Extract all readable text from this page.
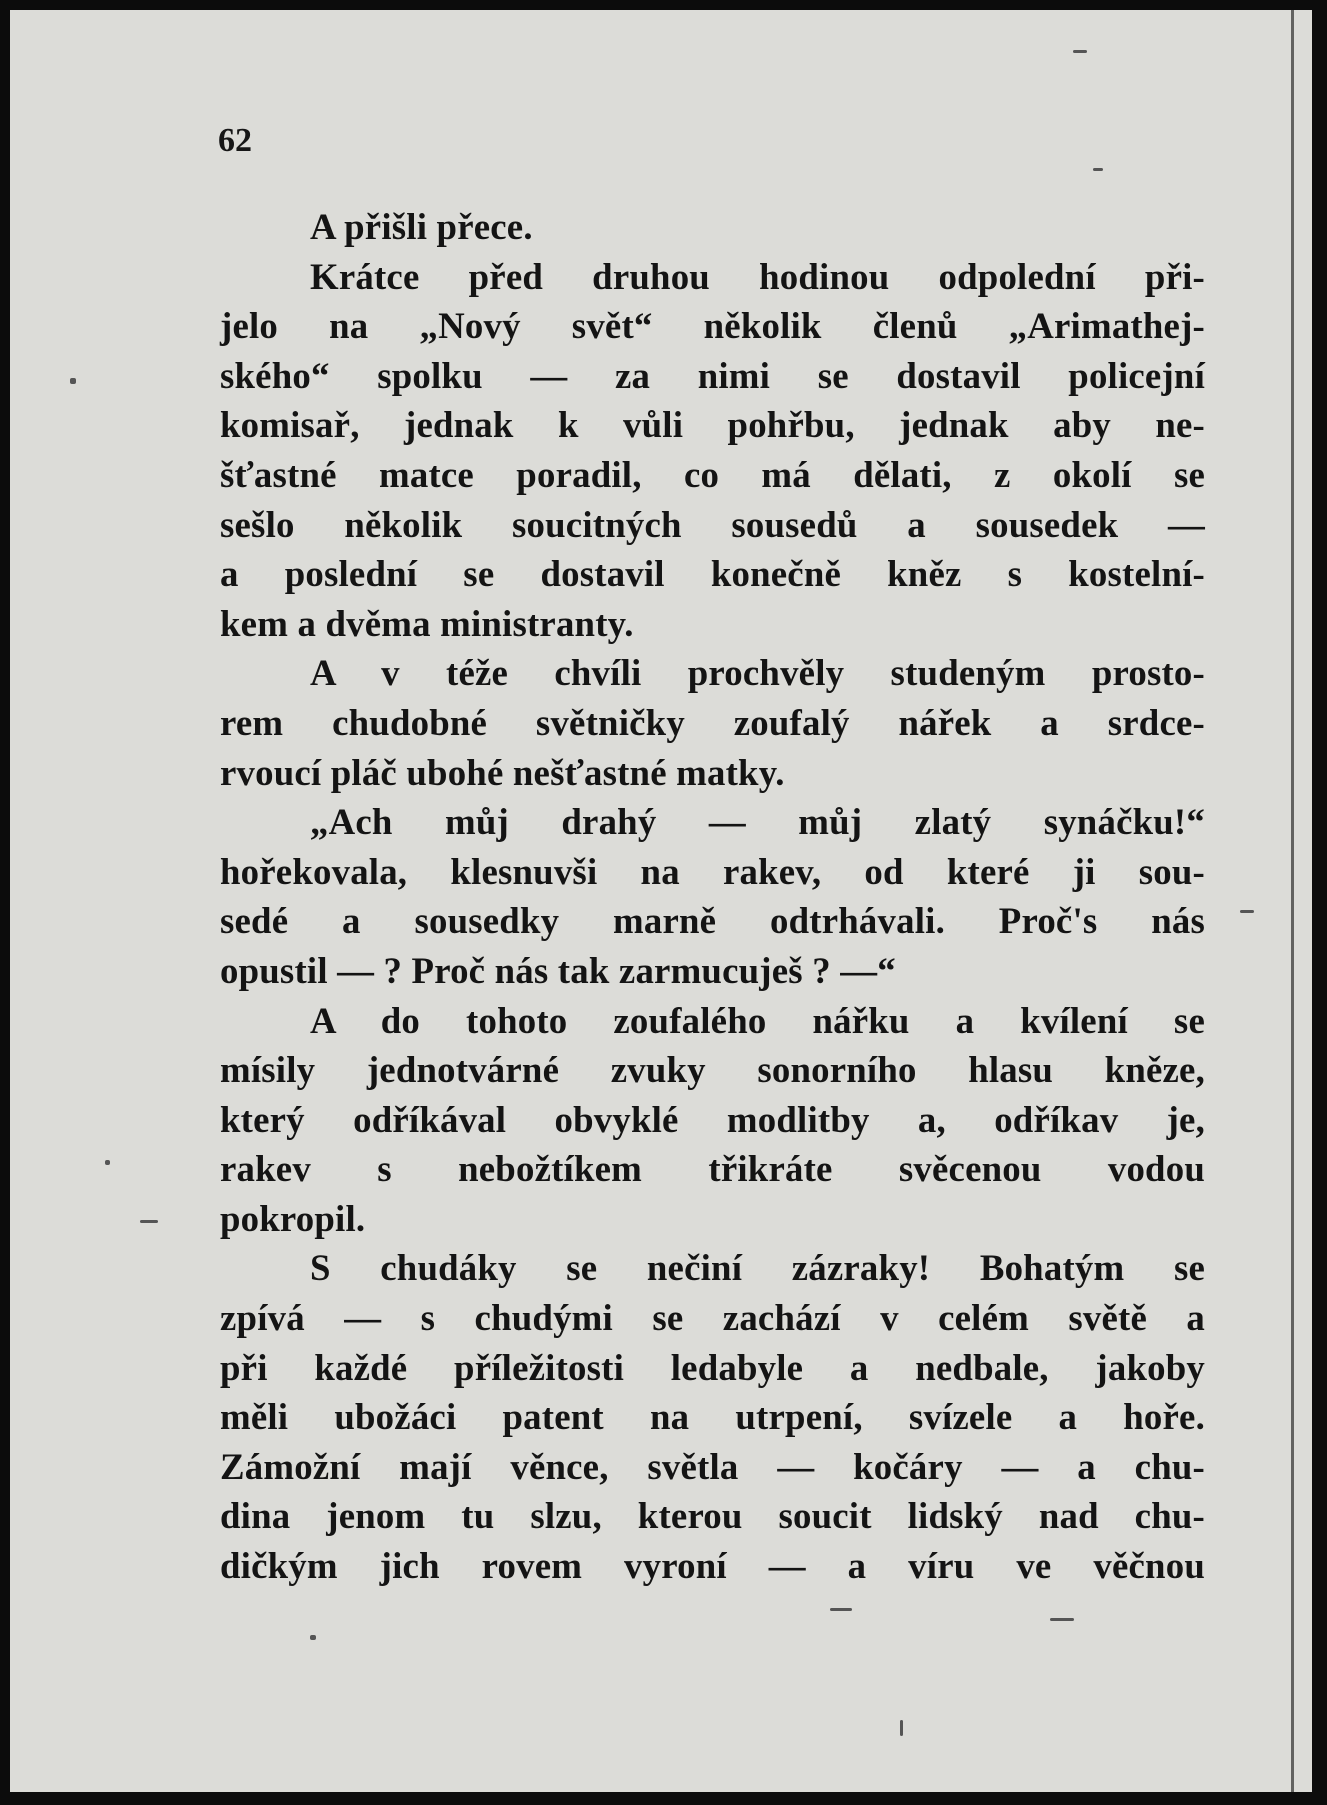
62

A přišli přece.
Krátce před druhou hodinou odpolední při-
jelo na „Nový svět“ několik členů „Arimathej-
ského“ spolku — za nimi se dostavil policejní
komisař, jednak k vůli pohřbu, jednak aby ne-
šťastné matce poradil, co má dělati, z okolí se
sešlo několik soucitných sousedů a sousedek —
a poslední se dostavil konečně kněz s kostelní-
kem a dvěma ministranty.
A v téže chvíli prochvěly studeným prosto-
rem chudobné světničky zoufalý nářek a srdce-
rvoucí pláč ubohé nešťastné matky.
„Ach můj drahý — můj zlatý synáčku!“
hořekovala, klesnuvši na rakev, od které ji sou-
sedé a sousedky marně odtrhávali. Proč's nás
opustil — ? Proč nás tak zarmucuješ ? —“
A do tohoto zoufalého nářku a kvílení se
mísily jednotvárné zvuky sonorního hlasu kněze,
který odříkával obvyklé modlitby a, odříkav je,
rakev s nebožtíkem třikráte svěcenou vodou
pokropil.
S chudáky se nečiní zázraky! Bohatým se
zpívá — s chudými se zachází v celém světě a
při každé příležitosti ledabyle a nedbale, jakoby
měli ubožáci patent na utrpení, svízele a hoře.
Zámožní mají věnce, světla — kočáry — a chu-
dina jenom tu slzu, kterou soucit lidský nad chu-
dičkým jich rovem vyroní — a víru ve věčnou
